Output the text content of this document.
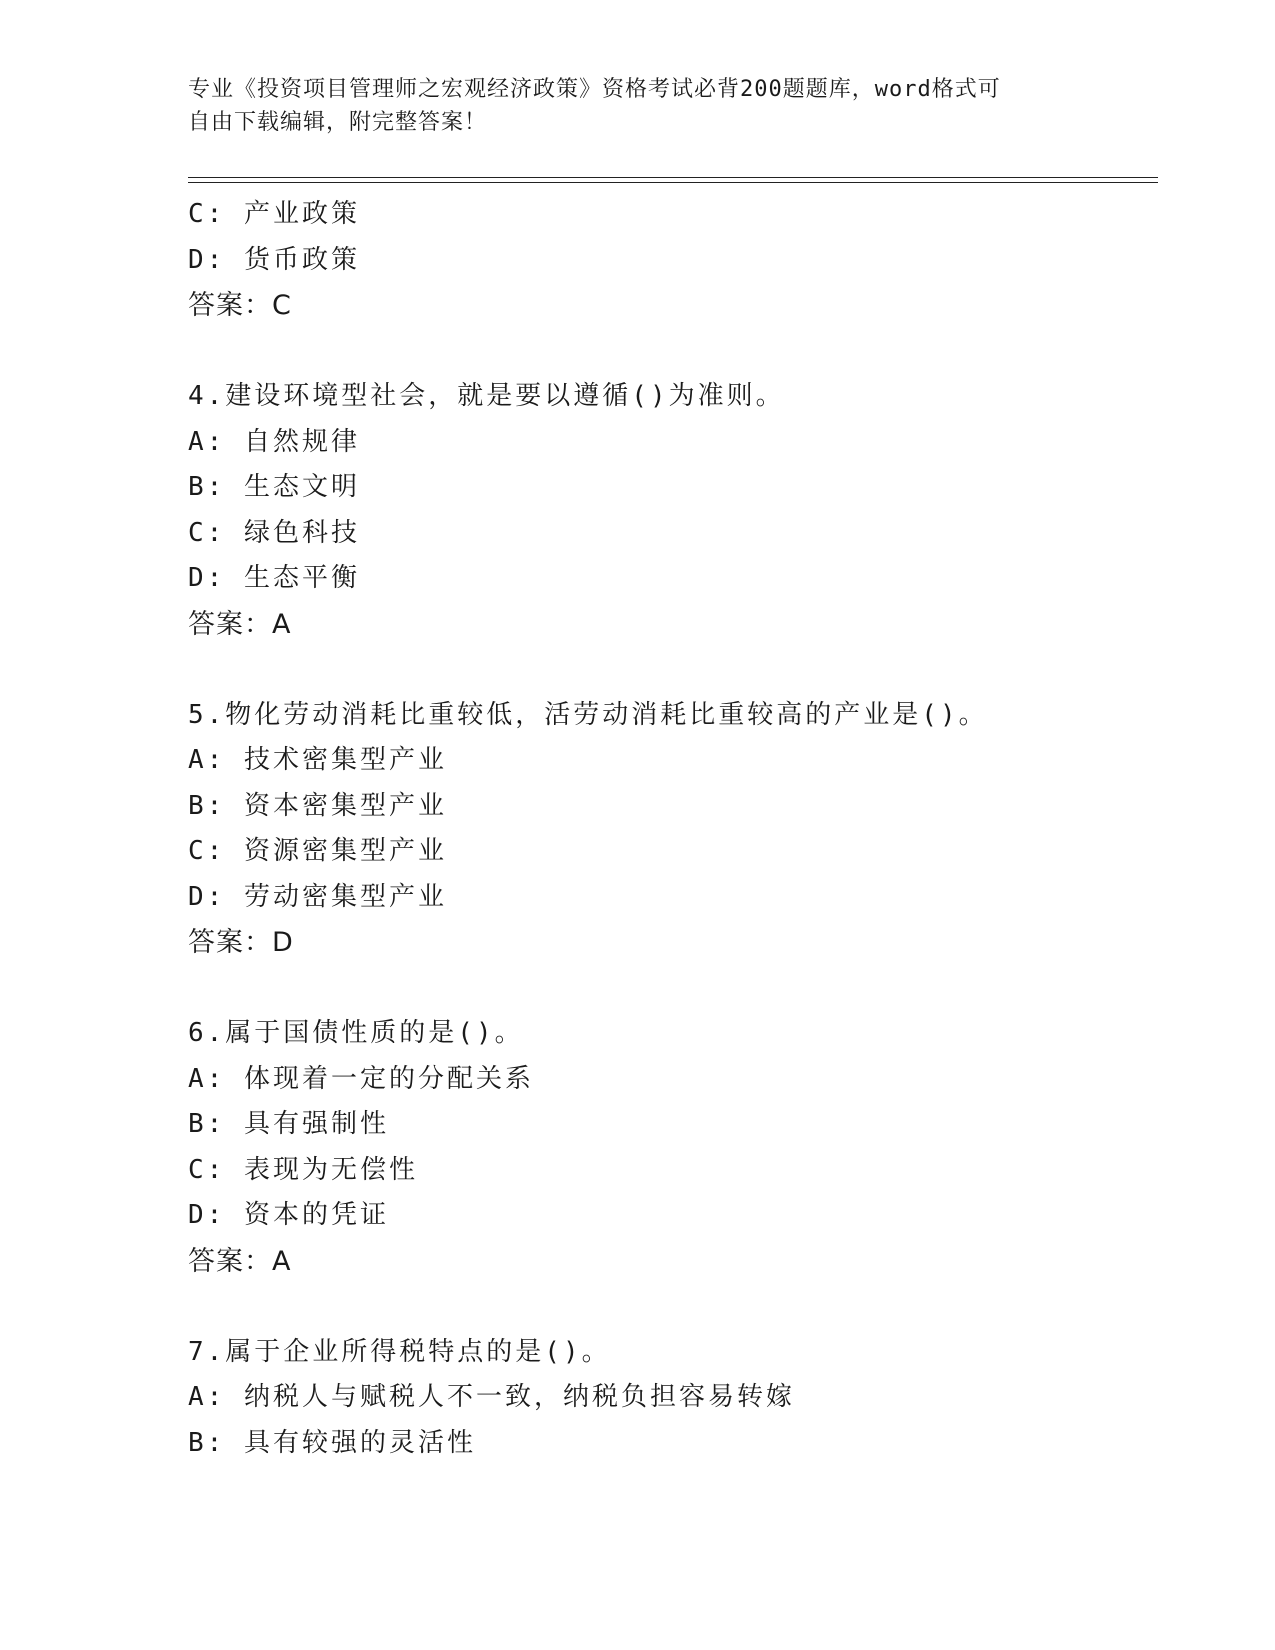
专业《投资项目管理师之宏观经济政策》资格考试必背200题题库，word格式可
自由下载编辑，附完整答案！
C: 产业政策
D: 货币政策
答案：C
4.建设环境型社会，就是要以遵循()为准则。
A: 自然规律
B: 生态文明
C: 绿色科技
D: 生态平衡
答案：A
5.物化劳动消耗比重较低，活劳动消耗比重较高的产业是()。
A: 技术密集型产业
B: 资本密集型产业
C: 资源密集型产业
D: 劳动密集型产业
答案：D
6.属于国债性质的是()。
A: 体现着一定的分配关系
B: 具有强制性
C: 表现为无偿性
D: 资本的凭证
答案：A
7.属于企业所得税特点的是()。
A: 纳税人与赋税人不一致，纳税负担容易转嫁
B: 具有较强的灵活性
